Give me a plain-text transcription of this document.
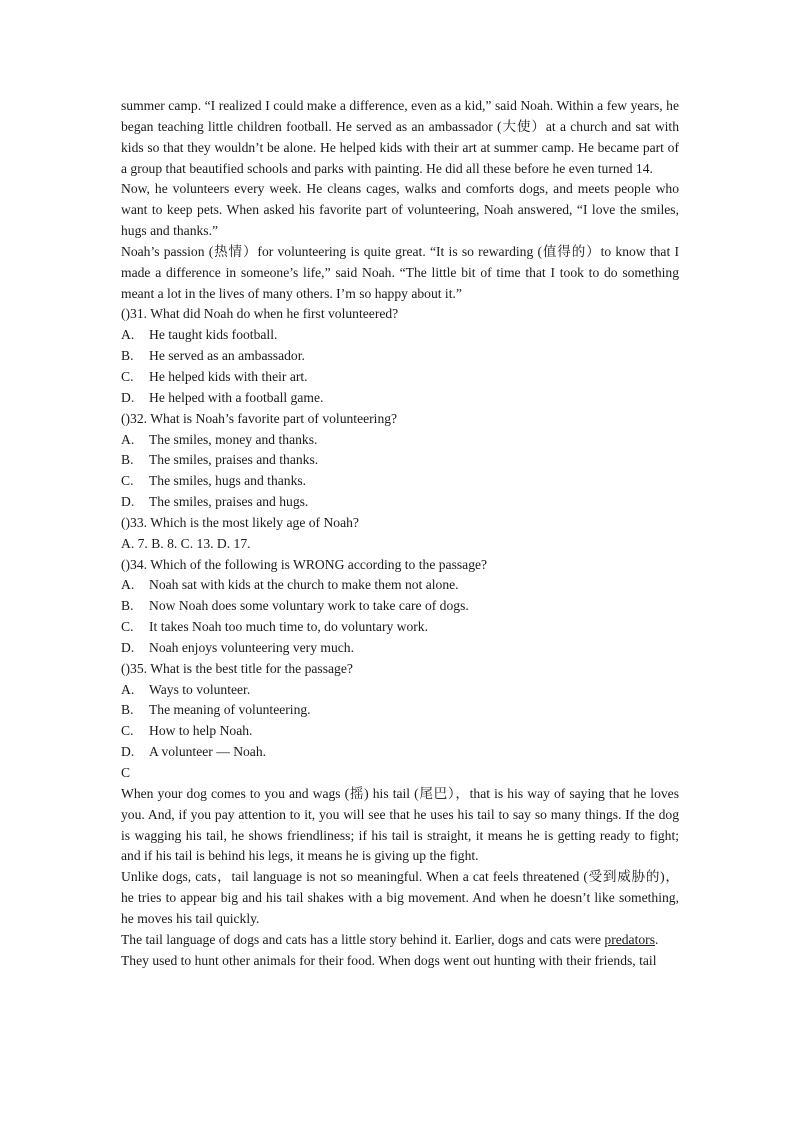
summer camp. “I realized I could make a difference, even as a kid,” said Noah. Within a few years, he began teaching little children football. He served as an ambassador (大使）at a church and sat with kids so that they wouldn’t be alone. He helped kids with their art at summer camp. He became part of a group that beautified schools and parks with painting. He did all these before he even turned 14.

Now, he volunteers every week. He cleans cages, walks and comforts dogs, and meets people who want to keep pets. When asked his favorite part of volunteering, Noah answered, “I love the smiles, hugs and thanks.”

Noah’s passion (热情）for volunteering is quite great. “It is so rewarding (值得的）to know that I made a difference in someone’s life,” said Noah. “The little bit of time that I took to do something meant a lot in the lives of many others. I’m so happy about it.”

()31. What did Noah do when he first volunteered?

A. He taught kids football.

B. He served as an ambassador.

C. He helped kids with their art.

D. He helped with a football game.

()32. What is Noah’s favorite part of volunteering?

A. The smiles, money and thanks.

B. The smiles, praises and thanks.

C. The smiles, hugs and thanks.

D. The smiles, praises and hugs.

()33. Which is the most likely age of Noah?

A. 7. B. 8. C. 13. D. 17.

()34. Which of the following is WRONG according to the passage?

A. Noah sat with kids at the church to make them not alone.

B. Now Noah does some voluntary work to take care of dogs.

C. It takes Noah too much time to, do voluntary work.

D. Noah enjoys volunteering very much.

()35. What is the best title for the passage?

A. Ways to volunteer.

B. The meaning of volunteering.

C. How to help Noah.

D. A volunteer — Noah.

C

When your dog comes to you and wags (摇) his tail (尾巴），that is his way of saying that he loves you. And, if you pay attention to it, you will see that he uses his tail to say so many things. If the dog is wagging his tail, he shows friendliness; if his tail is straight, it means he is getting ready to fight; and if his tail is behind his legs, it means he is giving up the fight.

Unlike dogs, cats，tail language is not so meaningful. When a cat feels threatened (受到威胁的)， he tries to appear big and his tail shakes with a big movement. And when he doesn’t like something, he moves his tail quickly.

The tail language of dogs and cats has a little story behind it. Earlier, dogs and cats were predators.

They used to hunt other animals for their food. When dogs went out hunting with their friends, tail
